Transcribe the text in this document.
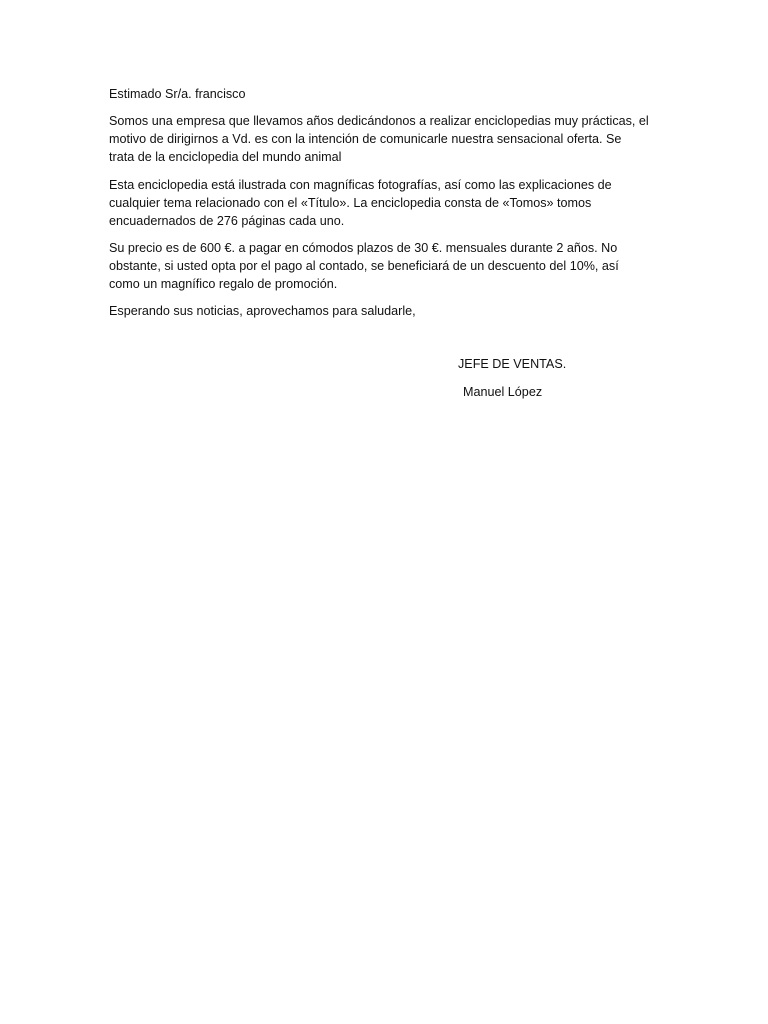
Estimado Sr/a. francisco

Somos una empresa que llevamos años dedicándonos a realizar enciclopedias muy prácticas, el
motivo de dirigirnos a Vd. es con la intención de comunicarle nuestra sensacional oferta. Se
trata de la enciclopedia del mundo animal

Esta enciclopedia está ilustrada con magníficas fotografías, así como las explicaciones de
cualquier tema relacionado con el «Título». La enciclopedia consta de «Tomos» tomos
encuadernados de 276 páginas cada uno.

Su precio es de 600 €. a pagar en cómodos plazos de 30 €. mensuales durante 2 años. No
obstante, si usted opta por el pago al contado, se beneficiará de un descuento del 10%, así
como un magnífico regalo de promoción.

Esperando sus noticias, aprovechamos para saludarle,

JEFE DE VENTAS.

Manuel López
